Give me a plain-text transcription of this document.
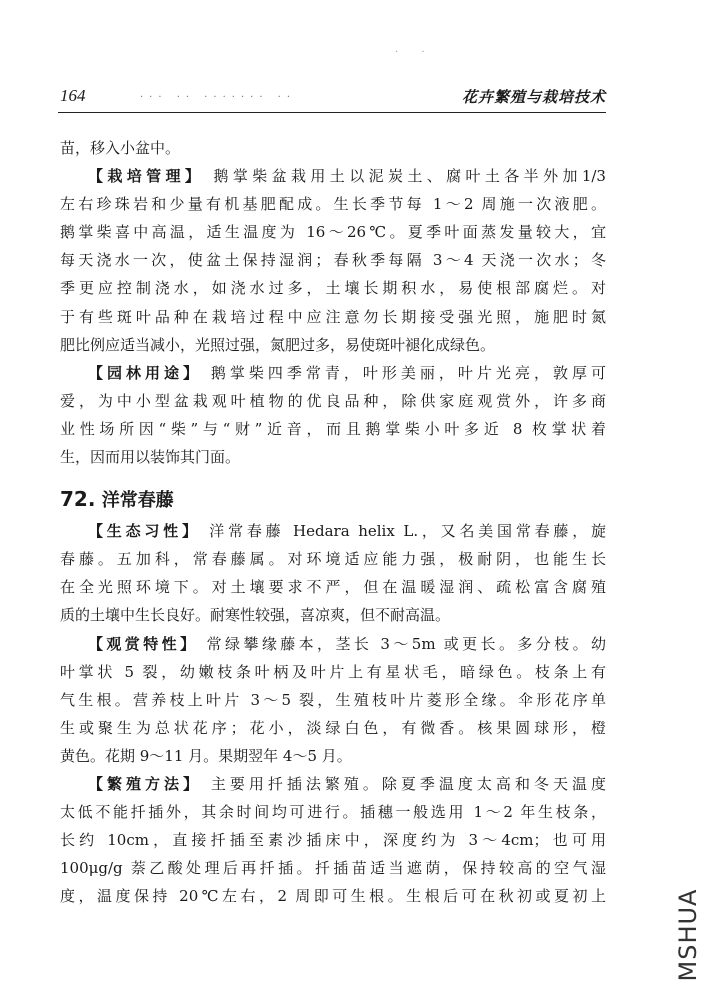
. .
164	··· ·· ······· ··	花卉繁殖与栽培技术
苗，移入小盆中。
【栽培管理】 鹅掌柴盆栽用土以泥炭土、腐叶土各半外加1/3
左右珍珠岩和少量有机基肥配成。生长季节每 1～2 周施一次液肥。
鹅掌柴喜中高温，适生温度为 16～26℃。夏季叶面蒸发量较大，宜
每天浇水一次，使盆土保持湿润；春秋季每隔 3～4 天浇一次水；冬
季更应控制浇水，如浇水过多，土壤长期积水，易使根部腐烂。对
于有些斑叶品种在栽培过程中应注意勿长期接受强光照，施肥时氮
肥比例应适当减小，光照过强，氮肥过多，易使斑叶褪化成绿色。
【园林用途】 鹅掌柴四季常青，叶形美丽，叶片光亮，敦厚可
爱，为中小型盆栽观叶植物的优良品种，除供家庭观赏外，许多商
业性场所因“柴”与“财”近音，而且鹅掌柴小叶多近 8 枚掌状着
生，因而用以装饰其门面。
72. 洋常春藤
【生态习性】 洋常春藤 Hedara helix L.，又名美国常春藤，旋
春藤。五加科，常春藤属。对环境适应能力强，极耐阴，也能生长
在全光照环境下。对土壤要求不严，但在温暖湿润、疏松富含腐殖
质的土壤中生长良好。耐寒性较强，喜凉爽，但不耐高温。
【观赏特性】 常绿攀缘藤本，茎长 3～5m 或更长。多分枝。幼
叶掌状 5 裂，幼嫩枝条叶柄及叶片上有星状毛，暗绿色。枝条上有
气生根。营养枝上叶片 3～5 裂，生殖枝叶片菱形全缘。伞形花序单
生或聚生为总状花序；花小，淡绿白色，有微香。核果圆球形，橙
黄色。花期 9～11 月。果期翌年 4～5 月。
【繁殖方法】 主要用扦插法繁殖。除夏季温度太高和冬天温度
太低不能扦插外，其余时间均可进行。插穗一般选用 1～2 年生枝条，
长约 10cm，直接扦插至素沙插床中，深度约为 3～4cm；也可用
100μg/g 萘乙酸处理后再扦插。扦插苗适当遮荫，保持较高的空气湿
度，温度保持 20℃左右，2 周即可生根。生根后可在秋初或夏初上	MSHUA
